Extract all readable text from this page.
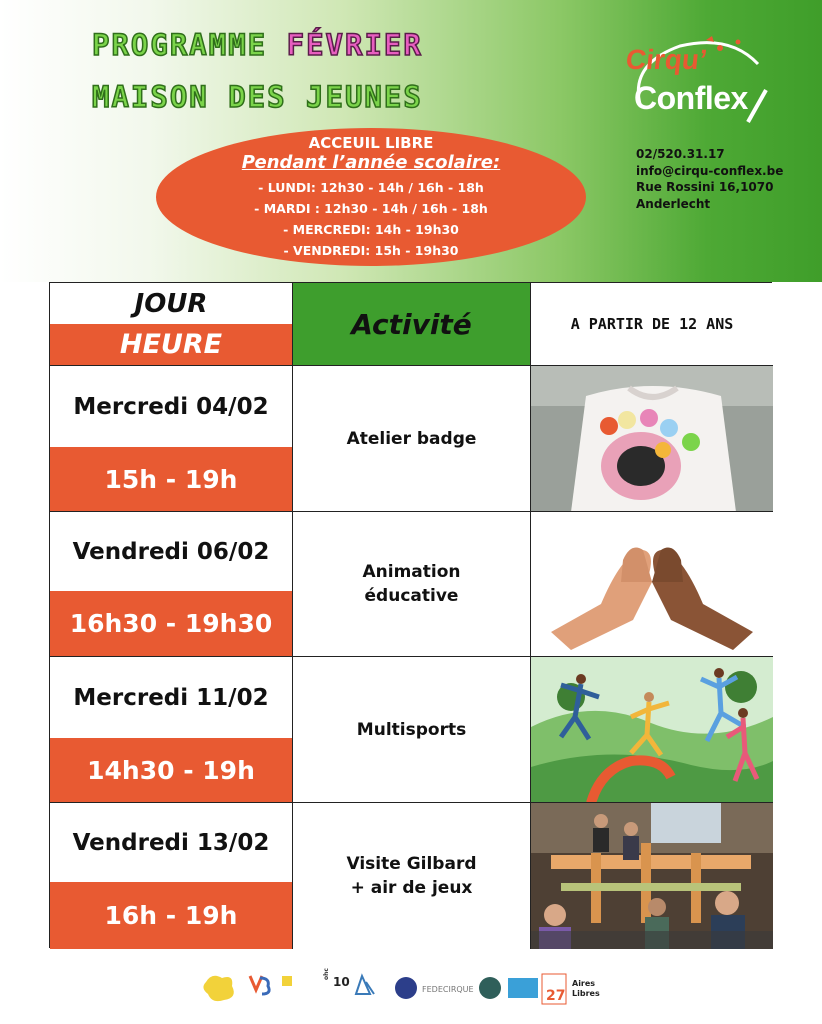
PROGRAMME FÉVRIER
MAISON DES JEUNES
ACCEUIL LIBRE
Pendant l’année scolaire:
- LUNDI: 12h30 - 14h / 16h - 18h
- MARDI : 12h30 - 14h / 16h - 18h
- MERCREDI: 14h - 19h30
- VENDREDI: 15h - 19h30
Cirqu’
Conflex
02/520.31.17
info@cirqu-conflex.be
Rue Rossini 16,1070
Anderlecht
JOUR
HEURE
Activité	A PARTIR DE 12 ANS
Mercredi 04/02
15h - 19h
Atelier badge
Vendredi 06/02
16h30 - 19h30
Animation
éducative
Mercredi 11/02
14h30 - 19h
Multisports
Vendredi 13/02
16h - 19h
Visite Gilbard
+ air de jeux
ohc
10
FEDECIRQUE	27
Aires
Libres
